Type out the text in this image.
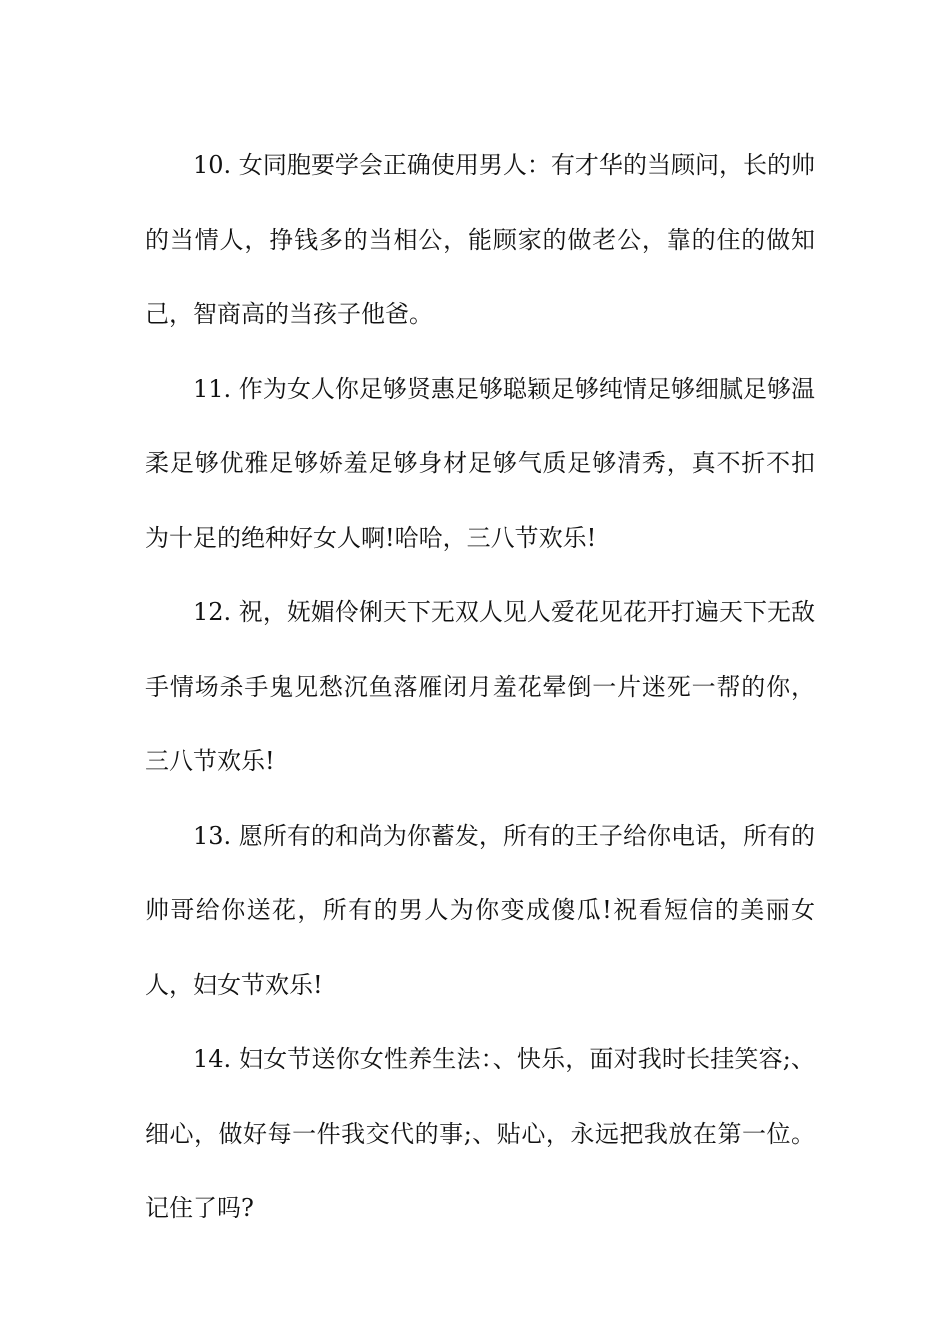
10. 女同胞要学会正确使用男人：有才华的当顾问，长的帅的当情人，挣钱多的当相公，能顾家的做老公，靠的住的做知己，智商高的当孩子他爸。

11. 作为女人你足够贤惠足够聪颖足够纯情足够细腻足够温柔足够优雅足够娇羞足够身材足够气质足够清秀，真不折不扣为十足的绝种好女人啊!哈哈，三八节欢乐!

12. 祝，妩媚伶俐天下无双人见人爱花见花开打遍天下无敌手情场杀手鬼见愁沉鱼落雁闭月羞花晕倒一片迷死一帮的你，三八节欢乐!

13. 愿所有的和尚为你蓄发，所有的王子给你电话，所有的帅哥给你送花，所有的男人为你变成傻瓜!祝看短信的美丽女人，妇女节欢乐!

14. 妇女节送你女性养生法：、快乐，面对我时长挂笑容;、细心，做好每一件我交代的事;、贴心，永远把我放在第一位。记住了吗?
